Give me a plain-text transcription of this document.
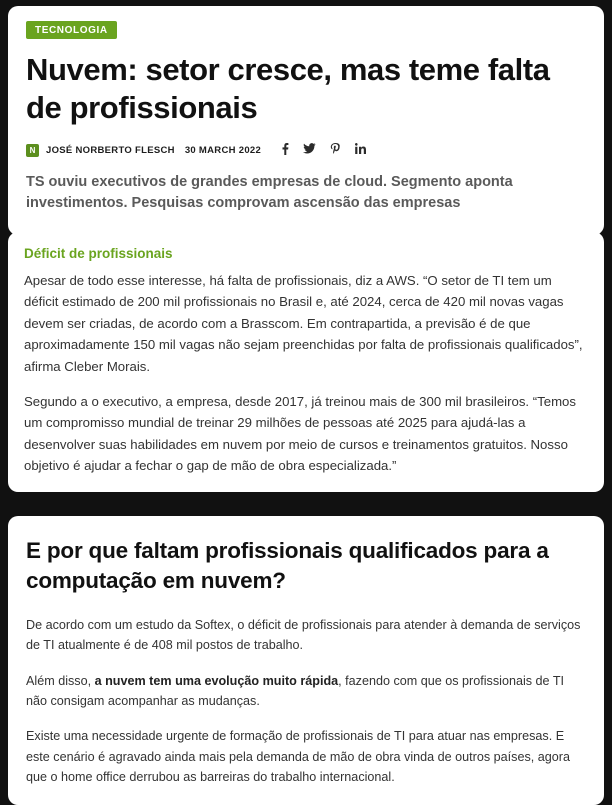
TECNOLOGIA
Nuvem: setor cresce, mas teme falta de profissionais
N	JOSÉ NORBERTO FLESCH 30 MARCH 2022

TS ouviu executivos de grandes empresas de cloud. Segmento aponta investimentos. Pesquisas comprovam ascensão das empresas

Déficit de profissionais

Apesar de todo esse interesse, há falta de profissionais, diz a AWS. “O setor de TI tem um déficit estimado de 200 mil profissionais no Brasil e, até 2024, cerca de 420 mil novas vagas devem ser criadas, de acordo com a Brasscom. Em contrapartida, a previsão é de que aproximadamente 150 mil vagas não sejam preenchidas por falta de profissionais qualificados”, afirma Cleber Morais.

Segundo a o executivo, a empresa, desde 2017, já treinou mais de 300 mil brasileiros. “Temos um compromisso mundial de treinar 29 milhões de pessoas até 2025 para ajudá-las a desenvolver suas habilidades em nuvem por meio de cursos e treinamentos gratuitos. Nosso objetivo é ajudar a fechar o gap de mão de obra especializada.”

E por que faltam profissionais qualificados para a computação em nuvem?

De acordo com um estudo da Softex, o déficit de profissionais para atender à demanda de serviços de TI atualmente é de 408 mil postos de trabalho.

Além disso, a nuvem tem uma evolução muito rápida, fazendo com que os profissionais de TI não consigam acompanhar as mudanças.

Existe uma necessidade urgente de formação de profissionais de TI para atuar nas empresas. E este cenário é agravado ainda mais pela demanda de mão de obra vinda de outros países, agora que o home office derrubou as barreiras do trabalho internacional.
